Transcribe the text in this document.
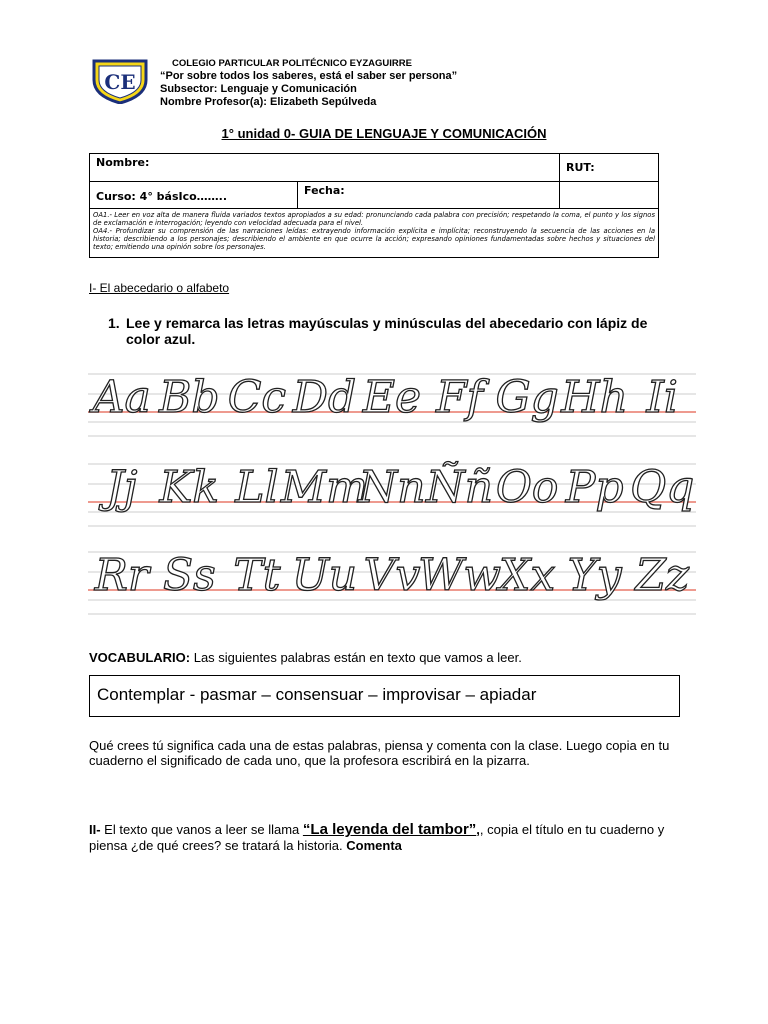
CE
COLEGIO PARTICULAR POLITÉCNICO EYZAGUIRRE
“Por sobre todos los saberes, está el saber ser persona”
Subsector: Lenguaje y Comunicación
Nombre Profesor(a): Elizabeth Sepúlveda
1° unidad 0- GUIA DE LENGUAJE Y COMUNICACIÓN
Nombre:		RUT:
Curso: 4° básIco……..	Fecha:	

OA1.- Leer en voz alta de manera fluida variados textos apropiados a su edad: pronunciando cada palabra con precisión; respetando la coma, el punto y los signos de exclamación e interrogación; leyendo con velocidad adecuada para el nivel.
OA4.- Profundizar su comprensión de las narraciones leídas: extrayendo información explícita e implícita; reconstruyendo la secuencia de las acciones en la historia; describiendo a los personajes; describiendo el ambiente en que ocurre la acción; expresando opiniones fundamentadas sobre hechos y situaciones del texto; emitiendo una opinión sobre los personajes.		
I- El abecedario o alfabeto
1. Lee y remarca las letras mayúsculas y minúsculas del abecedario con lápiz de color azul.
Aa Bb Cc Dd Ee Ff Gg Hh Ii
Jj Kk Ll Mm
Nn Ññ Oo Pp Qq
Rr Ss Tt Uu Vv
Ww
Xx Yy Zz
VOCABULARIO: Las siguientes palabras están en texto que vamos a leer.
Contemplar - pasmar – consensuar – improvisar – apiadar
Qué crees tú significa cada una de estas palabras, piensa y comenta con la clase. Luego copia en tu cuaderno el significado de cada uno, que la profesora escribirá en la pizarra.
II- El texto que vanos a leer se llama “La leyenda del tambor”,, copia el título en tu cuaderno y piensa ¿de qué crees? se tratará la historia. Comenta
